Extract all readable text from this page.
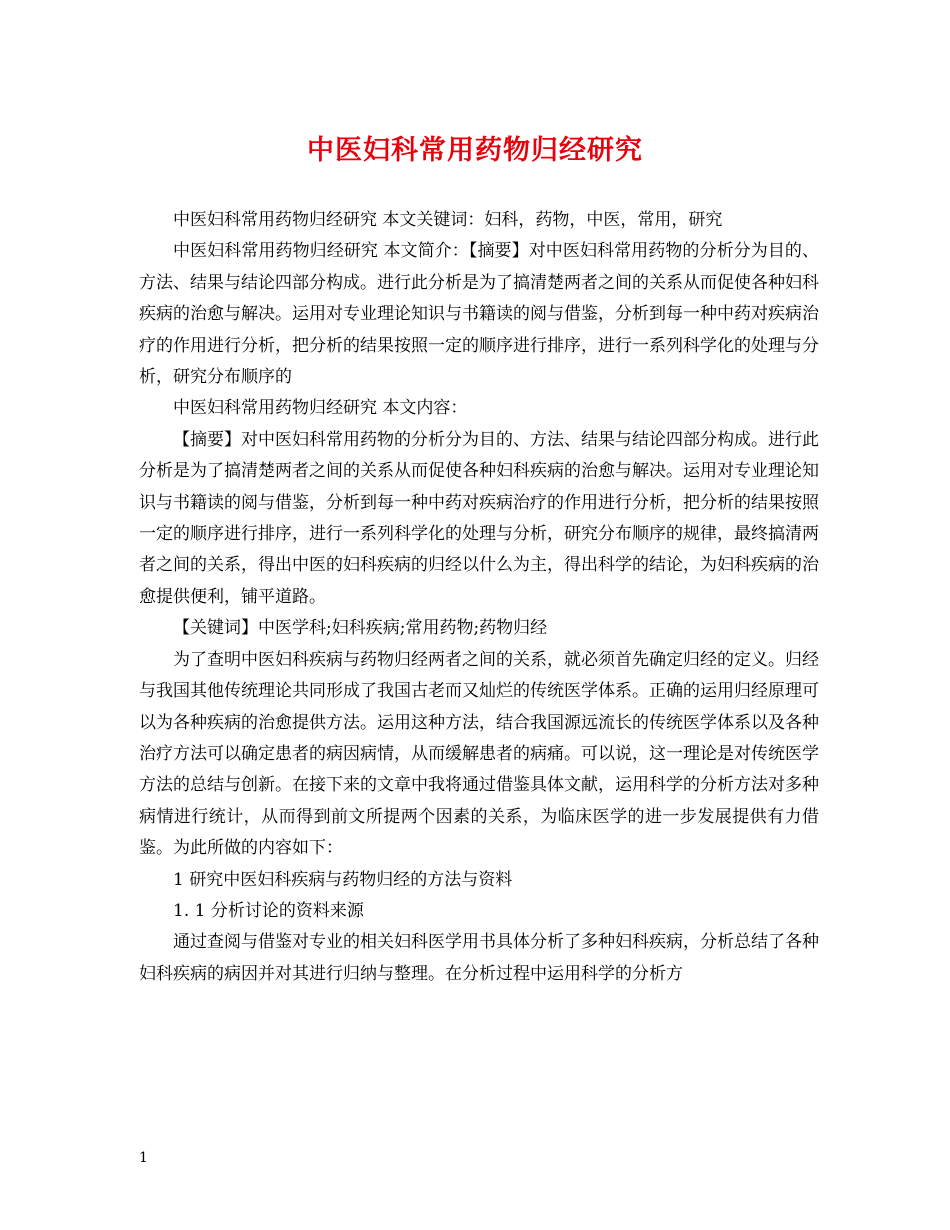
中医妇科常用药物归经研究

中医妇科常用药物归经研究 本文关键词：妇科，药物，中医，常用，研究

中医妇科常用药物归经研究 本文简介：【摘要】对中医妇科常用药物的分析分为目的、方法、结果与结论四部分构成。进行此分析是为了搞清楚两者之间的关系从而促使各种妇科疾病的治愈与解决。运用对专业理论知识与书籍读的阅与借鉴，分析到每一种中药对疾病治疗的作用进行分析，把分析的结果按照一定的顺序进行排序，进行一系列科学化的处理与分析，研究分布顺序的

中医妇科常用药物归经研究 本文内容：

【摘要】对中医妇科常用药物的分析分为目的、方法、结果与结论四部分构成。进行此分析是为了搞清楚两者之间的关系从而促使各种妇科疾病的治愈与解决。运用对专业理论知识与书籍读的阅与借鉴，分析到每一种中药对疾病治疗的作用进行分析，把分析的结果按照一定的顺序进行排序，进行一系列科学化的处理与分析，研究分布顺序的规律，最终搞清两者之间的关系，得出中医的妇科疾病的归经以什么为主，得出科学的结论，为妇科疾病的治愈提供便利，铺平道路。

【关键词】中医学科;妇科疾病;常用药物;药物归经

为了查明中医妇科疾病与药物归经两者之间的关系，就必须首先确定归经的定义。归经与我国其他传统理论共同形成了我国古老而又灿烂的传统医学体系。正确的运用归经原理可以为各种疾病的治愈提供方法。运用这种方法，结合我国源远流长的传统医学体系以及各种治疗方法可以确定患者的病因病情，从而缓解患者的病痛。可以说，这一理论是对传统医学方法的总结与创新。在接下来的文章中我将通过借鉴具体文献，运用科学的分析方法对多种病情进行统计，从而得到前文所提两个因素的关系，为临床医学的进一步发展提供有力借鉴。为此所做的内容如下：

1 研究中医妇科疾病与药物归经的方法与资料

1. 1 分析讨论的资料来源

通过查阅与借鉴对专业的相关妇科医学用书具体分析了多种妇科疾病，分析总结了各种妇科疾病的病因并对其进行归纳与整理。在分析过程中运用科学的分析方

1
